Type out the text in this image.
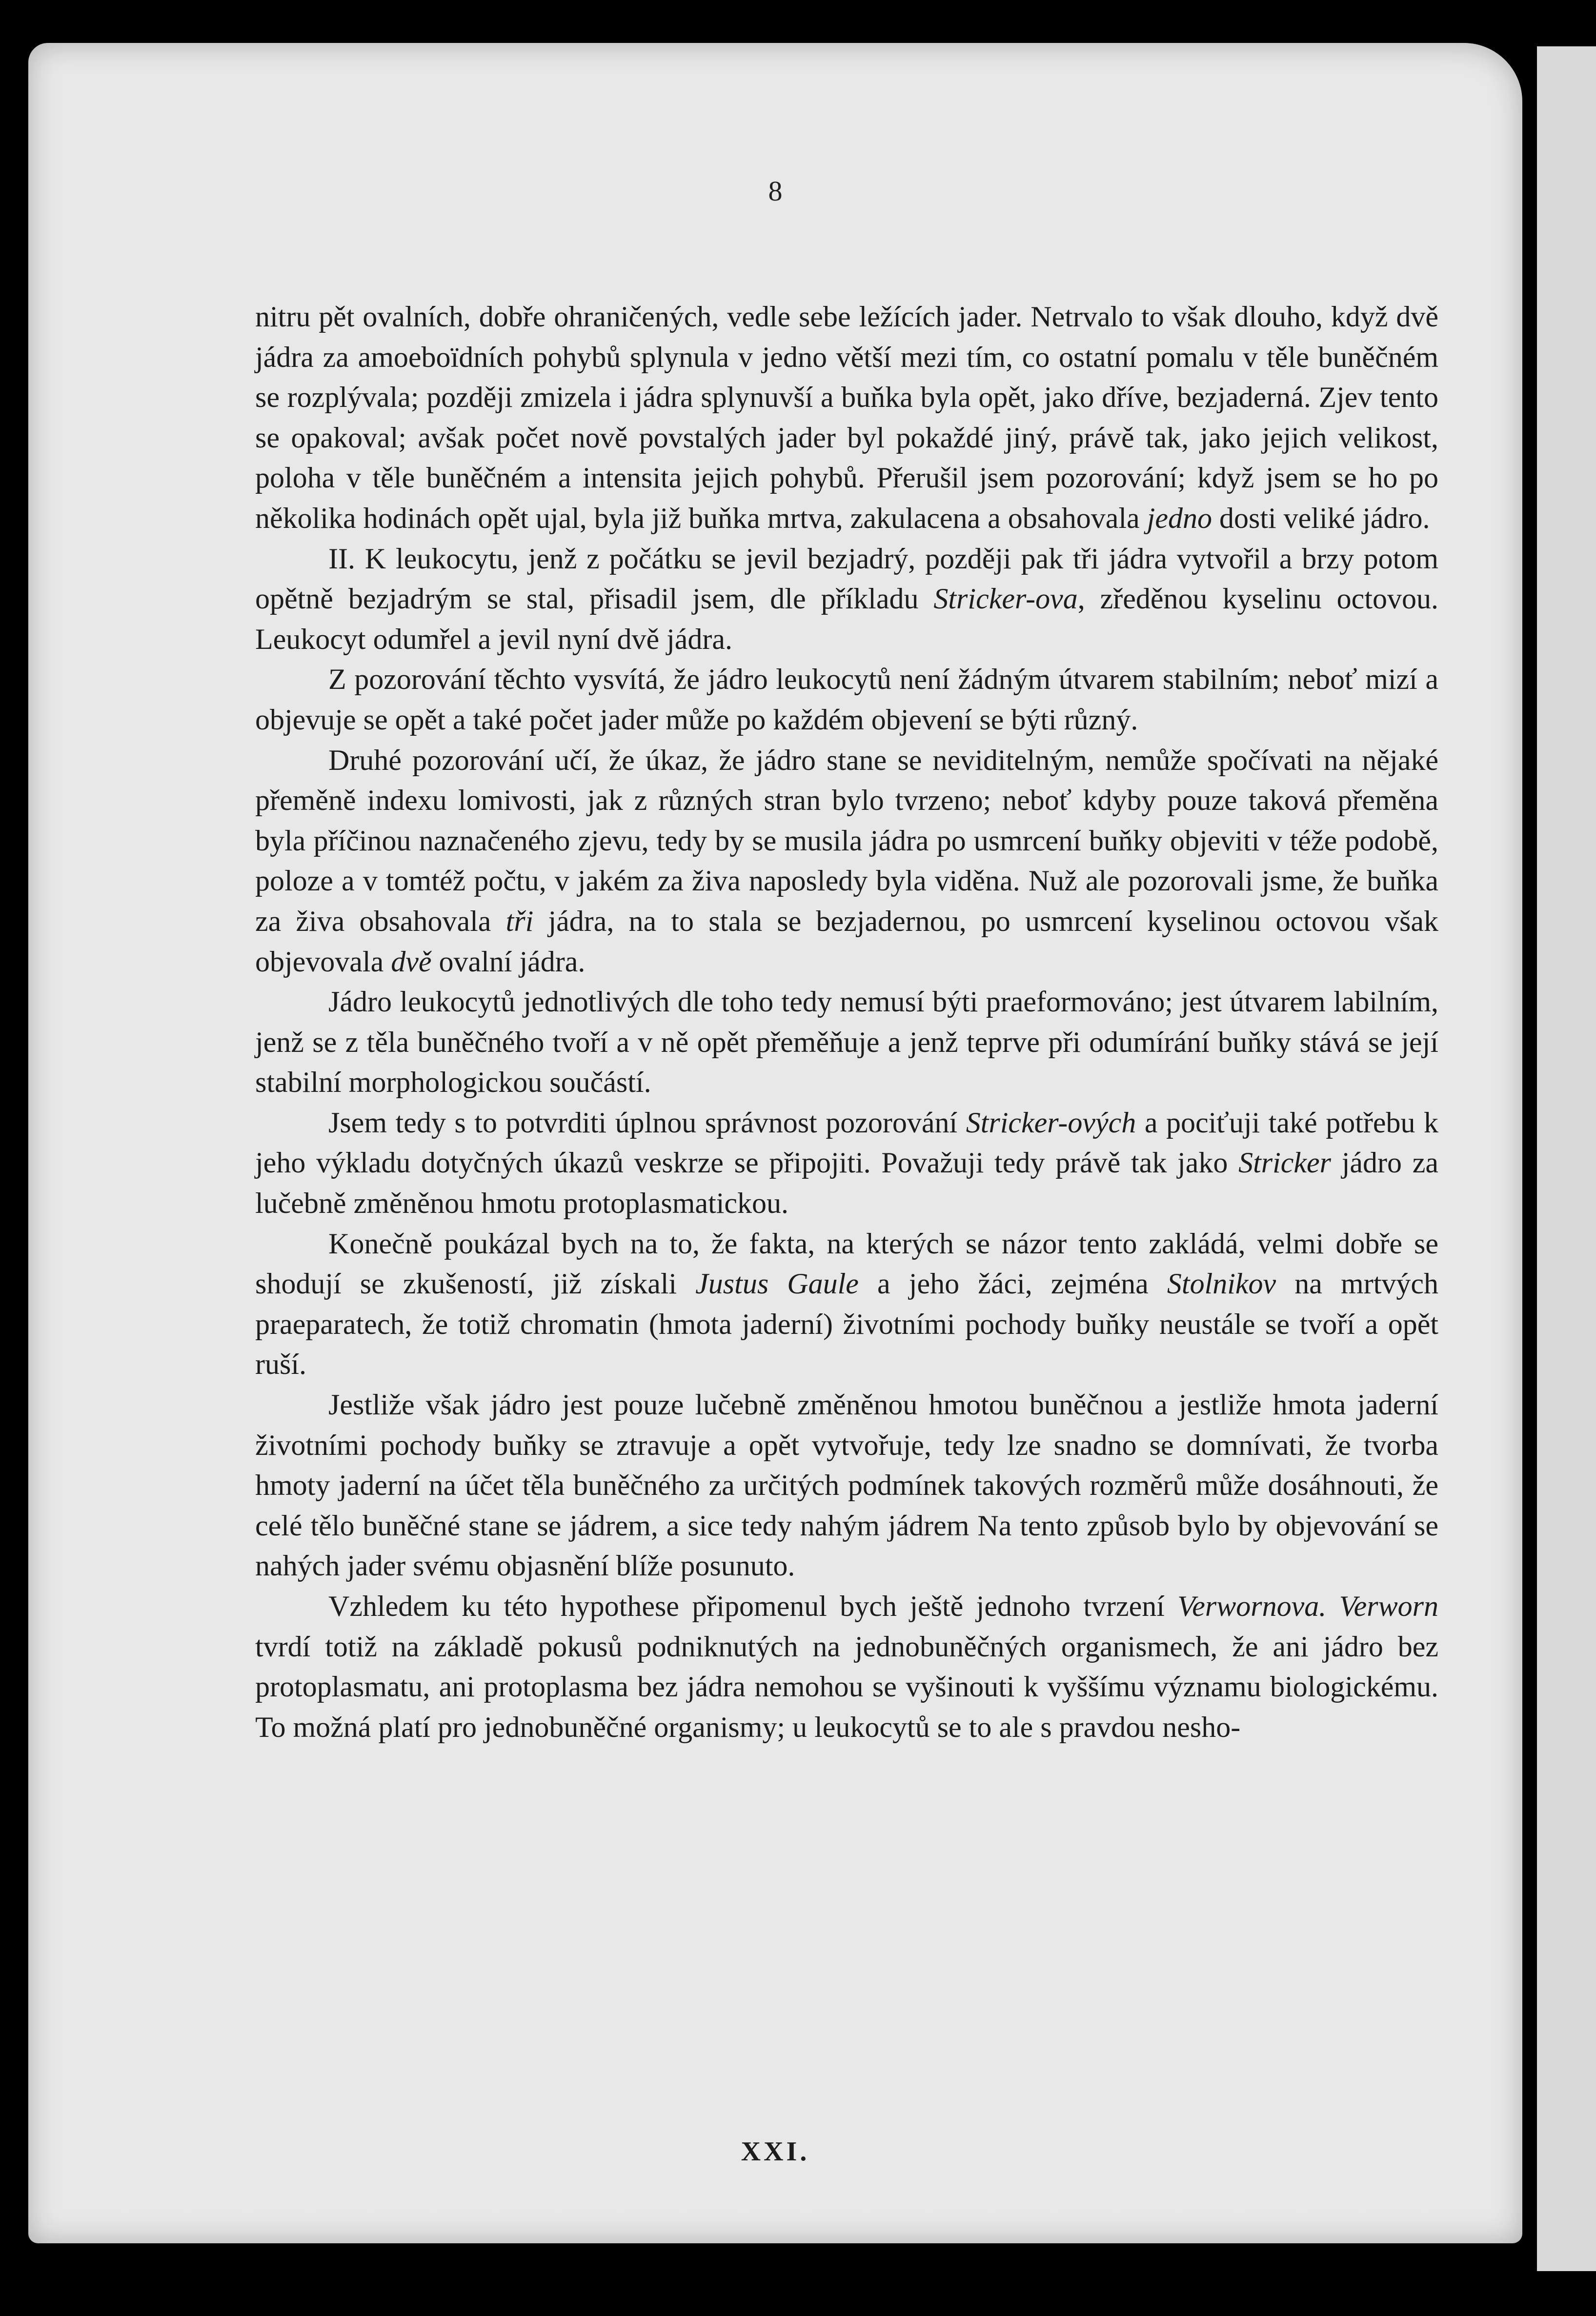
8

nitru pět ovalních, dobře ohraničených, vedle sebe ležících jader. Netrvalo to však dlouho, když dvě jádra za amoeboïdních pohybů splynula v jedno větší mezi tím, co ostatní pomalu v těle buněčném se rozplývala; později zmizela i jádra splynuvší a buňka byla opět, jako dříve, bezjaderná. Zjev tento se opakoval; avšak počet nově povstalých jader byl pokaždé jiný, právě tak, jako jejich velikost, poloha v těle buněčném a intensita jejich pohybů. Přerušil jsem pozorování; když jsem se ho po několika hodinách opět ujal, byla již buňka mrtva, zakulacena a obsahovala jedno dosti veliké jádro.

II. K leukocytu, jenž z počátku se jevil bezjadrý, později pak tři jádra vytvořil a brzy potom opětně bezjadrým se stal, přisadil jsem, dle příkladu Stricker-ova, zředěnou kyselinu octovou. Leukocyt odumřel a jevil nyní dvě jádra.

Z pozorování těchto vysvítá, že jádro leukocytů není žádným útvarem stabilním; neboť mizí a objevuje se opět a také počet jader může po každém objevení se býti různý.

Druhé pozorování učí, že úkaz, že jádro stane se neviditelným, nemůže spočívati na nějaké přeměně indexu lomivosti, jak z různých stran bylo tvrzeno; neboť kdyby pouze taková přeměna byla příčinou naznačeného zjevu, tedy by se musila jádra po usmrcení buňky objeviti v téže podobě, poloze a v tomtéž počtu, v jakém za živa naposledy byla viděna. Nuž ale pozorovali jsme, že buňka za živa obsahovala tři jádra, na to stala se bezjadernou, po usmrcení kyselinou octovou však objevovala dvě ovalní jádra.

Jádro leukocytů jednotlivých dle toho tedy nemusí býti praeformováno; jest útvarem labilním, jenž se z těla buněčného tvoří a v ně opět přeměňuje a jenž teprve při odumírání buňky stává se její stabilní morphologickou součástí.

Jsem tedy s to potvrditi úplnou správnost pozorování Stricker-ových a pociťuji také potřebu k jeho výkladu dotyčných úkazů veskrze se připojiti. Považuji tedy právě tak jako Stricker jádro za lučebně změněnou hmotu protoplasmatickou.

Konečně poukázal bych na to, že fakta, na kterých se názor tento zakládá, velmi dobře se shodují se zkušeností, již získali Justus Gaule a jeho žáci, zejména Stolnikov na mrtvých praeparatech, že totiž chromatin (hmota jaderní) životními pochody buňky neustále se tvoří a opět ruší.

Jestliže však jádro jest pouze lučebně změněnou hmotou buněčnou a jestliže hmota jaderní životními pochody buňky se ztravuje a opět vytvořuje, tedy lze snadno se domnívati, že tvorba hmoty jaderní na účet těla buněčného za určitých podmínek takových rozměrů může dosáhnouti, že celé tělo buněčné stane se jádrem, a sice tedy nahým jádrem Na tento způsob bylo by objevování se nahých jader svému objasnění blíže posunuto.

Vzhledem ku této hypothese připomenul bych ještě jednoho tvrzení Verwornova. Verworn tvrdí totiž na základě pokusů podniknutých na jednobuněčných organismech, že ani jádro bez protoplasmatu, ani protoplasma bez jádra nemohou se vyšinouti k vyššímu významu biologickému. To možná platí pro jednobuněčné organismy; u leukocytů se to ale s pravdou nesho-

XXI.
